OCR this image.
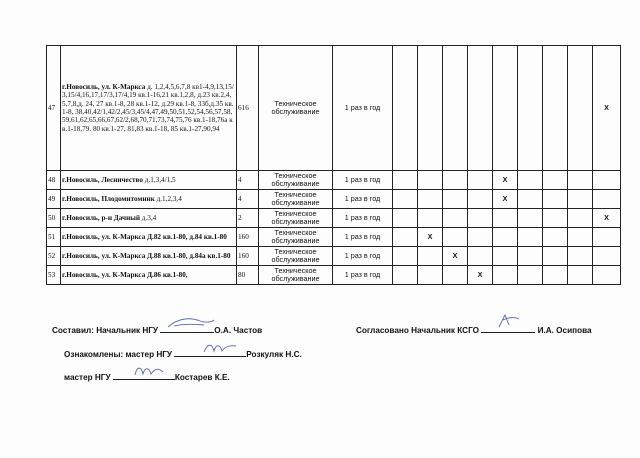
47	г.Новосиль, ул. К-Маркса д. 1,2,4,5,6,7,8 кв1-4,9,13,15/3,15/4,16,17,17/3,17/4,19 кв.1-16,21 кв.1,2,8, д.23 кв.2,4,5,7,8,д. 24, 27 кв.1-8, 28 кв.1-12, д.29 кв.1-8, 33б,д.35 кв.1-8, 38,40,42/1,42/2,45/3,45/4,47,49,50,51,52,54,56,57,58,59,61,62,65,66,67,62/2,68,70,71,73,74,75,76 кв.1-18,76а кв.1-18,79. 80 кв.1-27, 81,83 кв.1-18, 85 кв.1-27,90,94	616	Техническое обслуживание	1 раз в год									Х
48	г.Новосиль, Лесничество д.1,3,4/1,5	4	Техническое обслуживание	1 раз в год					Х				
49	г.Новосиль, Плодомитомник д.1,2,3,4	4	Техническое обслуживание	1 раз в год					Х				
50	г.Новосиль, р-н Дачный д.3,4	2	Техническое обслуживание	1 раз в год									Х
51	г.Новосиль, ул. К-Маркса Д.82 кв.1-80, д.84 кв.1-80	160	Техническое обслуживание	1 раз в год		Х							
52	г.Новосиль, ул. К-Маркса Д.88 кв.1-80, д.84а кв.1-80	160	Техническое обслуживание	1 раз в год			Х						
53	г.Новосиль, ул. К-Маркса Д.86 кв.1-80,	80	Техническое обслуживание	1 раз в год				Х					
Составил: Начальник НГУ	О.А. Частов	Согласовано Начальник КСГО	И.А. Осипова
Ознакомлены: мастер НГУ	Розкуляк Н.С.
мастер НГУ	Костарев К.Е.
